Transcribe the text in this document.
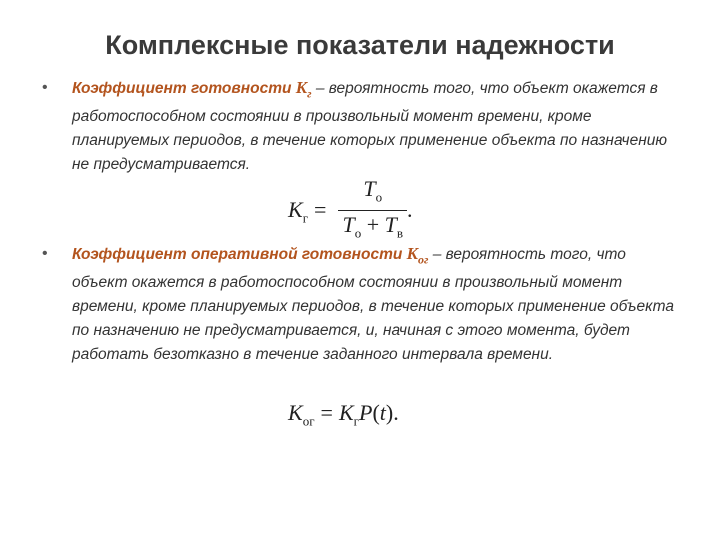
Комплексные показатели надежности
• Коэффициент готовности $K_г$ – вероятность того, что объект окажется в работоспособном состоянии в произвольный момент времени, кроме планируемых периодов, в течение которых применение объекта по назначению не предусматривается.
$K_г = \frac{T_о}{T_о + T_в}$ .
• Коэффициент оперативной готовности $K_{ог}$ – вероятность того, что объект окажется в работоспособном состоянии в произвольный момент времени, кроме планируемых периодов, в течение которых применение объекта по назначению не предусматривается, и, начиная с этого момента, будет работать безотказно в течение заданного интервала времени.
$K_{ог} = K_гP(t)$.
